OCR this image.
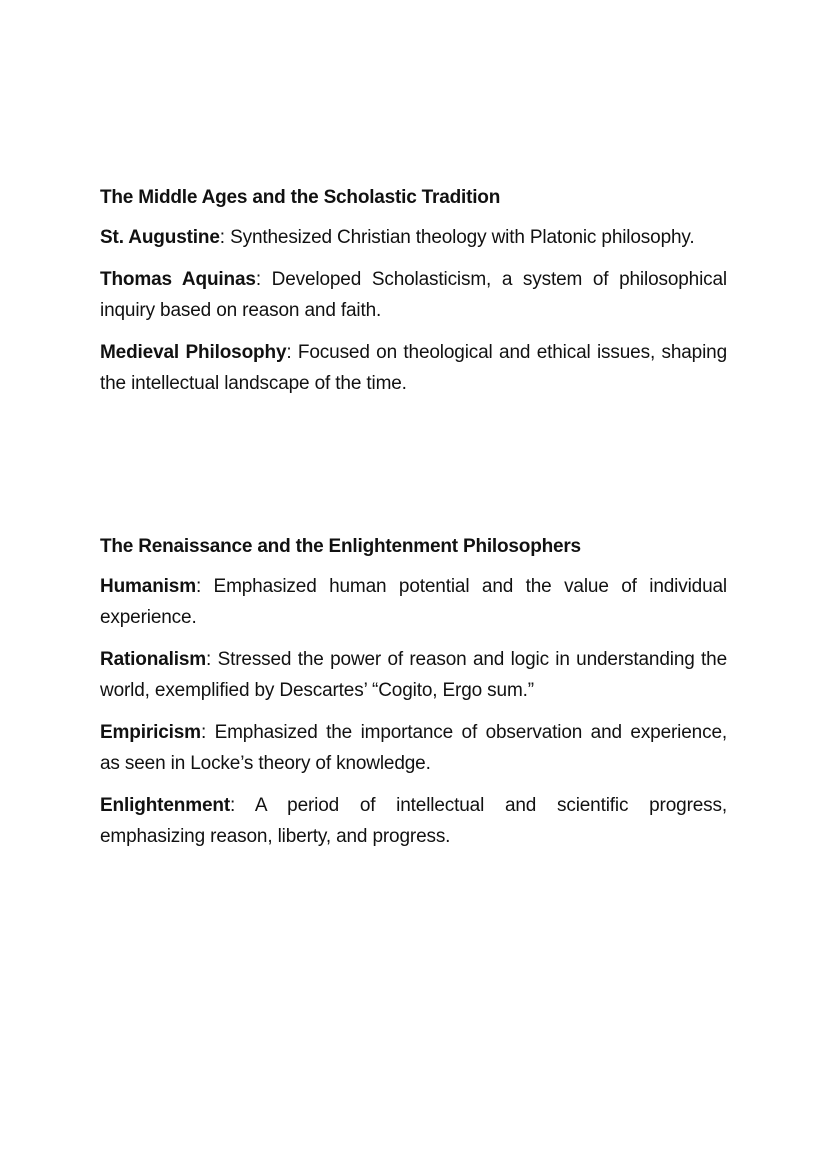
The Middle Ages and the Scholastic Tradition

St. Augustine: Synthesized Christian theology with Platonic philosophy.

Thomas Aquinas: Developed Scholasticism, a system of philosophical inquiry based on reason and faith.

Medieval Philosophy: Focused on theological and ethical issues, shaping the intellectual landscape of the time.

The Renaissance and the Enlightenment Philosophers

Humanism: Emphasized human potential and the value of individual experience.

Rationalism: Stressed the power of reason and logic in understanding the world, exemplified by Descartes’ “Cogito, Ergo sum.”

Empiricism: Emphasized the importance of observation and experience, as seen in Locke’s theory of knowledge.

Enlightenment: A period of intellectual and scientific progress, emphasizing reason, liberty, and progress.
